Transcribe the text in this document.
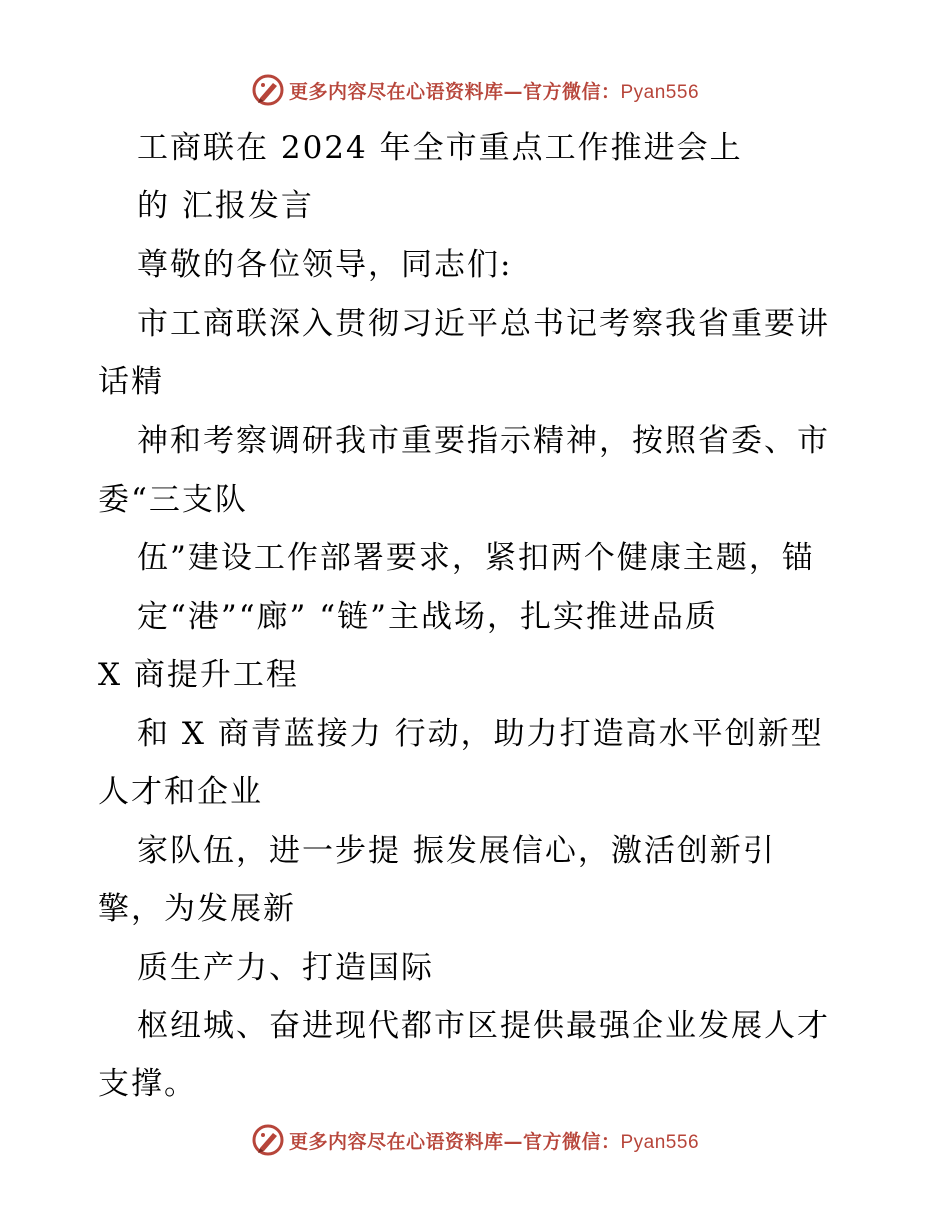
更多内容尽在心语资料库—官方微信：Pyan556
工商联在 2024 年全市重点工作推进会上
的 汇报发言
尊敬的各位领导，同志们:
市工商联深入贯彻习近平总书记考察我省重要讲
话精
神和考察调研我市重要指示精神，按照省委、市
委“三支队
伍”建设工作部署要求，紧扣两个健康主题，锚
定“港”“廊” “链”主战场，扎实推进品质
X 商提升工程
和 X 商青蓝接力 行动，助力打造高水平创新型
人才和企业
家队伍，进一步提 振发展信心，激活创新引
擎，为发展新
质生产力、打造国际
枢纽城、奋进现代都市区提供最强企业发展人才
支撑。
更多内容尽在心语资料库—官方微信：Pyan556
